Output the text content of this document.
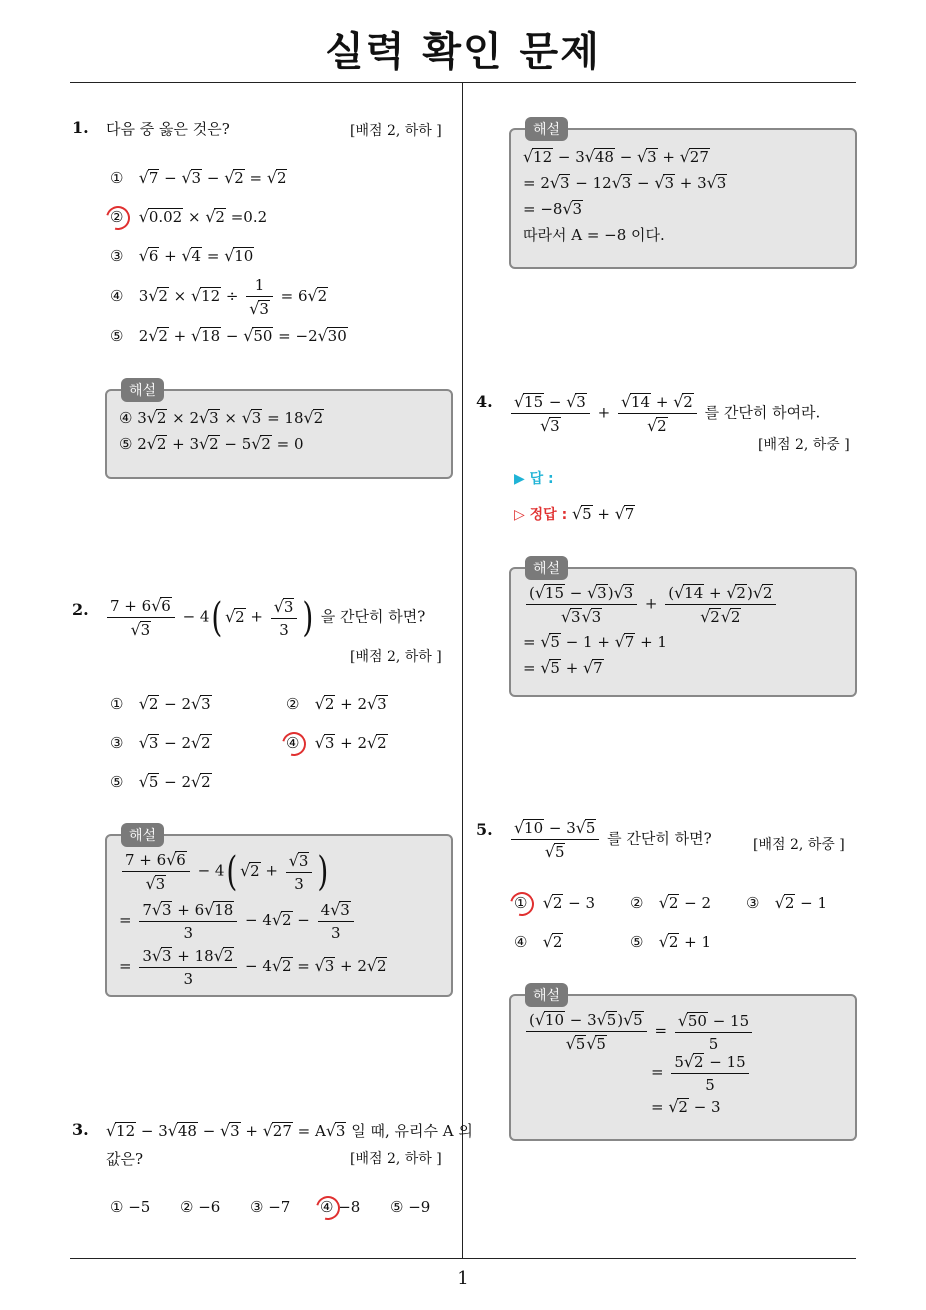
실력 확인 문제
1
1. 다음 중 옳은 것은?	[배점 2, 하하 ]
① √7 − √3 − √2 = √2
② √0.02 × √2 =0.2
③ √6 + √4 = √10
④ $3√2 \times √12 \div \frac{1}{√3} = 6√2$
⑤ 2√2 + √18 − √50 = −2√30
해설
④ 3√2 × 2√3 × √3 = 18√2
⑤ 2√2 + 3√2 − 5√2 = 0
2. $\frac{7 + 6√6}{√3} - 4$( $√2 + \frac{√3}{3}$ ) 을 간단히 하면?
[배점 2, 하하 ]
① √2 − 2√3	② √2 + 2√3
③ √3 − 2√2	④ √3 + 2√2
⑤ √5 − 2√2
해설
$\frac{7 + 6√6}{√3} - 4$( $√2 + \frac{√3}{3}$ )
= $\frac{7√3 + 6√18}{3} - 4√2 - \frac{4√3}{3}$
= $\frac{3√3 + 18√2}{3} - 4√2 = √3 + 2√2$
3. √12 − 3√48 − √3 + √27 = A√3 일 때, 유리수 A 의
값은?	[배점 2, 하하 ]
① −5 ② −6 ③ −7 ④ −8 ⑤ −9
해설
√12 − 3√48 − √3 + √27
= 2√3 − 12√3 − √3 + 3√3
= −8√3
따라서 A = −8 이다.
4. $\frac{√15 - √3}{√3} + \frac{√14 + √2}{√2}$ 를 간단히 하여라.
[배점 2, 하중 ]
▶ 답 :
▷ 정답 : √5 + √7
해설
$\frac{(√15 - √3)√3}{√3√3} + \frac{(√14 + √2)√2}{√2√2}$
= √5 − 1 + √7 + 1
= √5 + √7
5. $\frac{√10 - 3√5}{√5}$ 를 간단히 하면?	[배점 2, 하중 ]
① √2 − 3 ② √2 − 2 ③ √2 − 1
④ √2	⑤ √2 + 1
해설
$\frac{(√10 - 3√5)√5}{√5√5} = \frac{√50 - 15}{5}$
= $\frac{5√2 - 15}{5}$
= √2 − 3
